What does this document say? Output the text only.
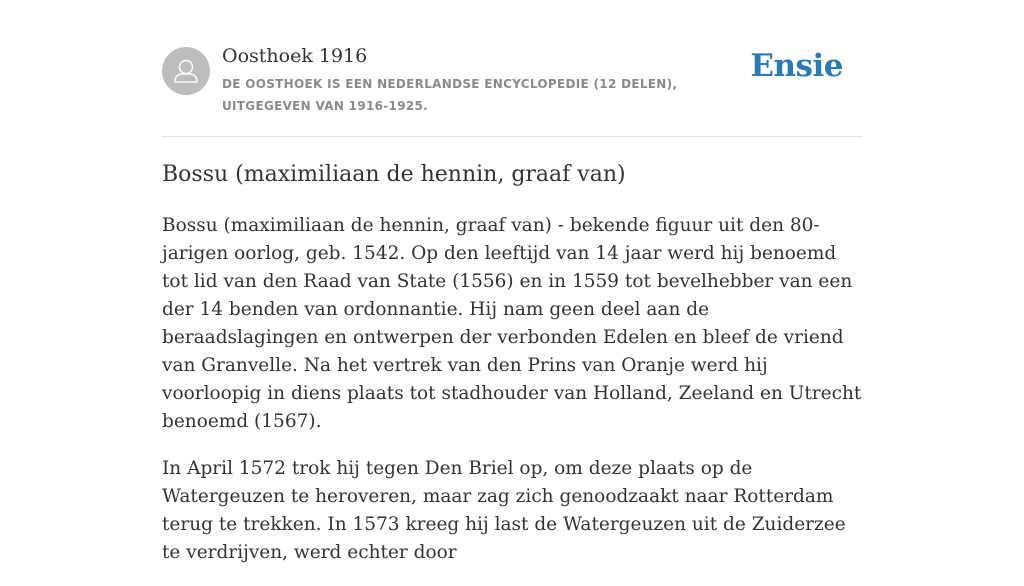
Oosthoek 1916
DE OOSTHOEK IS EEN NEDERLANDSE ENCYCLOPEDIE (12 DELEN), UITGEGEVEN VAN 1916-1925.
Ensie
Bossu (maximiliaan de hennin, graaf van)

Bossu (maximiliaan de hennin, graaf van) - bekende figuur uit den 80-jarigen oorlog, geb. 1542. Op den leeftijd van 14 jaar werd hij benoemd tot lid van den Raad van State (1556) en in 1559 tot bevelhebber van een der 14 benden van ordonnantie. Hij nam geen deel aan de beraadslagingen en ontwerpen der verbonden Edelen en bleef de vriend van Granvelle. Na het vertrek van den Prins van Oranje werd hij voorloopig in diens plaats tot stadhouder van Holland, Zeeland en Utrecht benoemd (1567).

In April 1572 trok hij tegen Den Briel op, om deze plaats op de Watergeuzen te heroveren, maar zag zich genoodzaakt naar Rotterdam terug te trekken. In 1573 kreeg hij last de Watergeuzen uit de Zuiderzee te verdrijven, werd echter door
